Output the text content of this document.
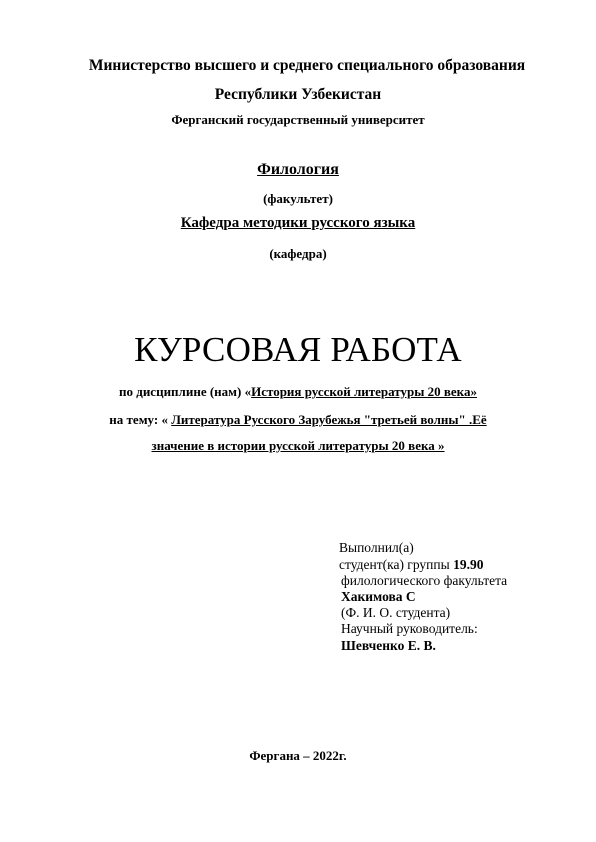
Министерство высшего и среднего специального образования
Республики Узбекистан
Ферганский государственный университет
Филология
(факультет)
Кафедра методики русского языка
(кафедра)
КУРСОВАЯ РАБОТА
по дисциплине (нам) «История русской литературы 20 века»
на тему: « Литература Русского Зарубежья "третьей волны" .Её
значение в истории русской литературы 20 века »
Выполнил(а)
студент(ка) группы 19.90
филологического факультета
Хакимова С
(Ф. И. О. студента)
Научный руководитель:
Шевченко Е. В.
Фергана – 2022г.
